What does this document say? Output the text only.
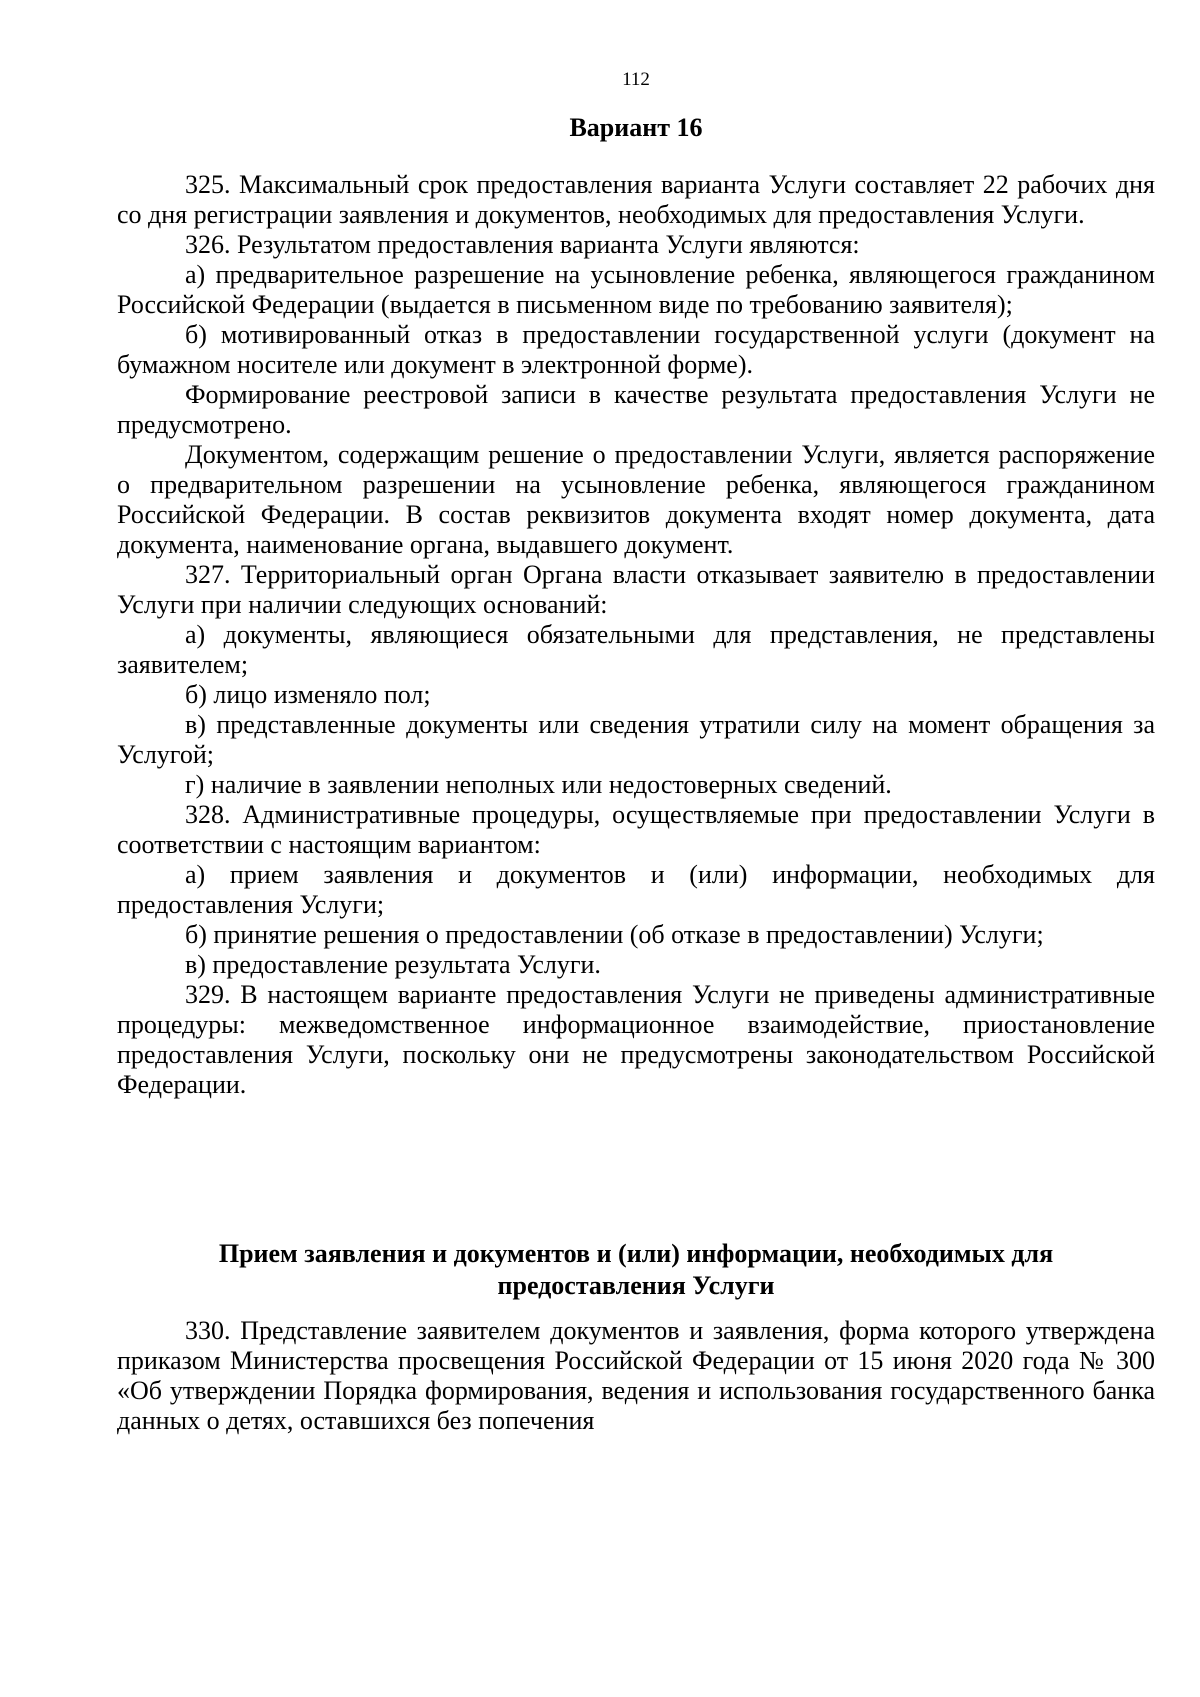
112
Вариант 16

325. Максимальный срок предоставления варианта Услуги составляет 22 рабочих дня со дня регистрации заявления и документов, необходимых для предоставления Услуги.

326. Результатом предоставления варианта Услуги являются:

а) предварительное разрешение на усыновление ребенка, являющегося гражданином Российской Федерации (выдается в письменном виде по требованию заявителя);

б) мотивированный отказ в предоставлении государственной услуги (документ на бумажном носителе или документ в электронной форме).

Формирование реестровой записи в качестве результата предоставления Услуги не предусмотрено.

Документом, содержащим решение о предоставлении Услуги, является распоряжение о предварительном разрешении на усыновление ребенка, являющегося гражданином Российской Федерации. В состав реквизитов документа входят номер документа, дата документа, наименование органа, выдавшего документ.

327. Территориальный орган Органа власти отказывает заявителю в предоставлении Услуги при наличии следующих оснований:

а) документы, являющиеся обязательными для представления, не представлены заявителем;

б) лицо изменяло пол;

в) представленные документы или сведения утратили силу на момент обращения за Услугой;

г) наличие в заявлении неполных или недостоверных сведений.

328. Административные процедуры, осуществляемые при предоставлении Услуги в соответствии с настоящим вариантом:

а) прием заявления и документов и (или) информации, необходимых для предоставления Услуги;

б) принятие решения о предоставлении (об отказе в предоставлении) Услуги;

в) предоставление результата Услуги.

329. В настоящем варианте предоставления Услуги не приведены административные процедуры: межведомственное информационное взаимодействие, приостановление предоставления Услуги, поскольку они не предусмотрены законодательством Российской Федерации.

Прием заявления и документов и (или) информации, необходимых для
предоставления Услуги

330. Представление заявителем документов и заявления, форма которого утверждена приказом Министерства просвещения Российской Федерации от 15 июня 2020 года № 300 «Об утверждении Порядка формирования, ведения и использования государственного банка данных о детях, оставшихся без попечения
